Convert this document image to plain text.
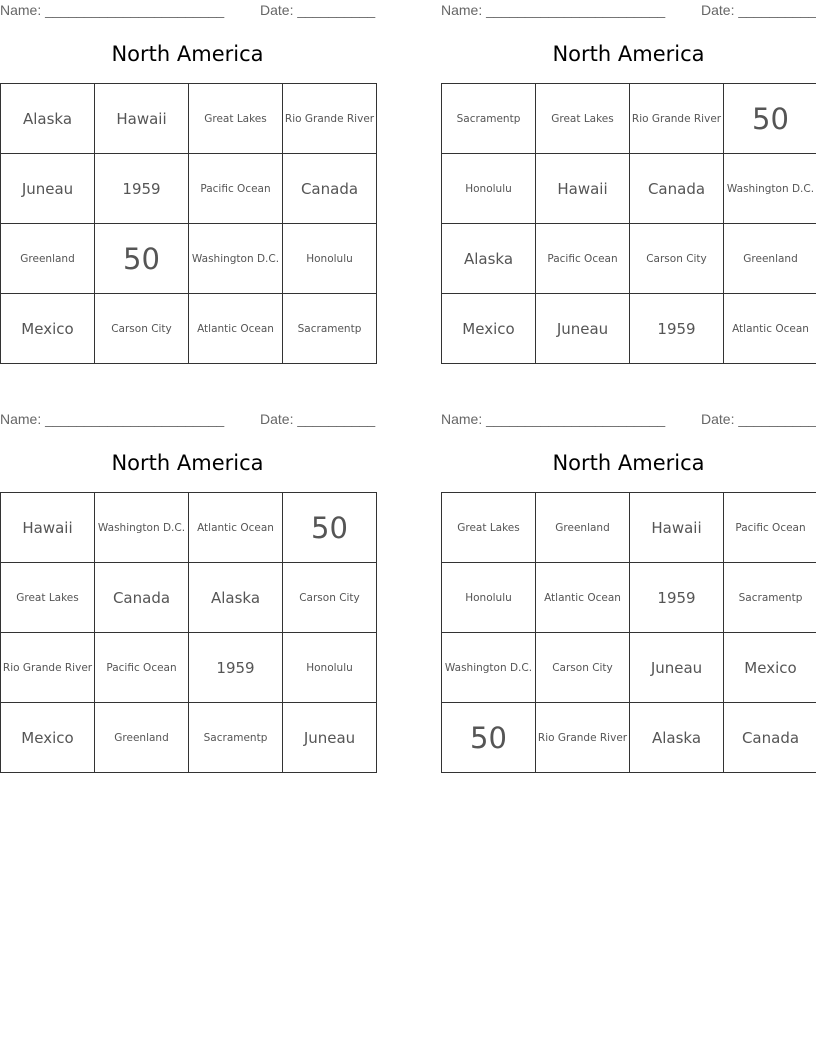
Name: _______________________	Date: __________
North America
Alaska	Hawaii	Great Lakes	Rio Grande River
Juneau	1959	Pacific Ocean	Canada
Greenland	50	Washington D.C.	Honolulu
Mexico	Carson City	Atlantic Ocean	Sacramentp
Name: _______________________	Date: __________
North America
Sacramentp	Great Lakes	Rio Grande River	50
Honolulu	Hawaii	Canada	Washington D.C.
Alaska	Pacific Ocean	Carson City	Greenland
Mexico	Juneau	1959	Atlantic Ocean
Name: _______________________	Date: __________
North America
Hawaii	Washington D.C.	Atlantic Ocean	50
Great Lakes	Canada	Alaska	Carson City
Rio Grande River	Pacific Ocean	1959	Honolulu
Mexico	Greenland	Sacramentp	Juneau
Name: _______________________	Date: __________
North America
Great Lakes	Greenland	Hawaii	Pacific Ocean
Honolulu	Atlantic Ocean	1959	Sacramentp
Washington D.C.	Carson City	Juneau	Mexico
50	Rio Grande River	Alaska	Canada
